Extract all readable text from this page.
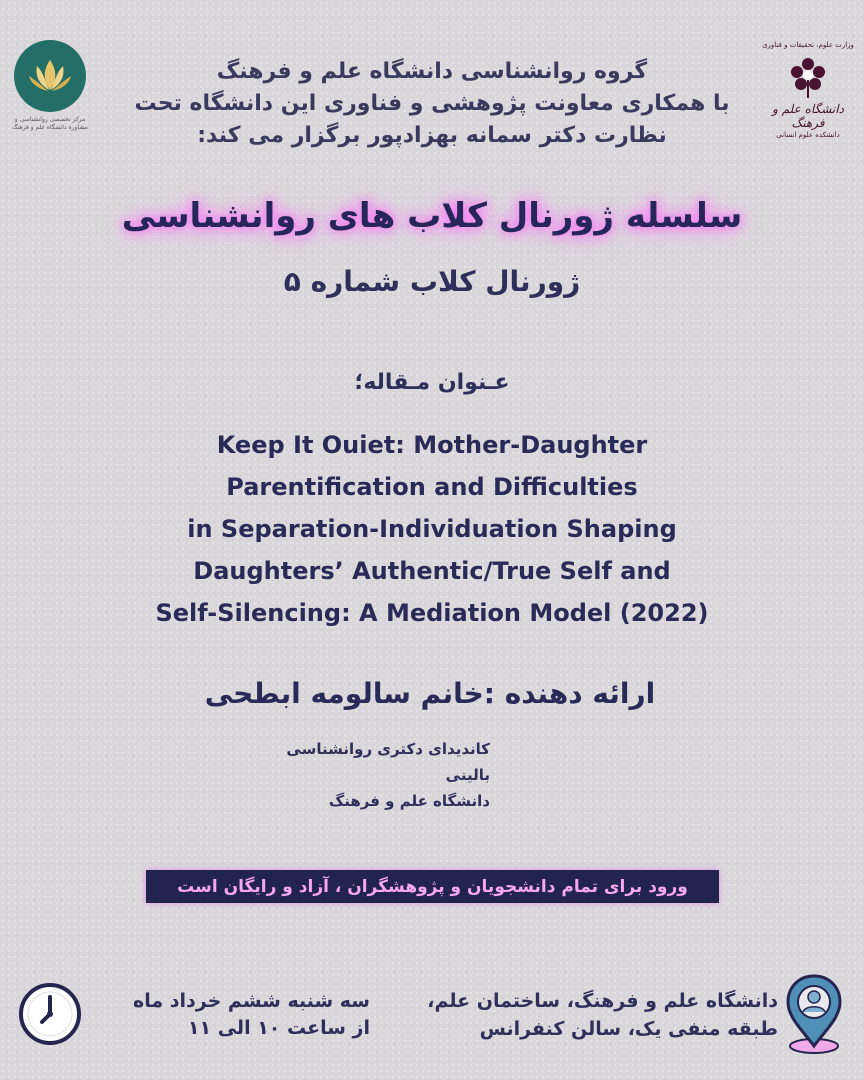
مرکز تخصصی روانشناسی و مشاوره دانشگاه علم و فرهنگ
وزارت علوم، تحقیقات و فناوری
دانشگاه علم و فرهنگ
دانشکده علوم انسانی
گروه روانشناسی دانشگاه علم و فرهنگ
با همکاری معاونت پژوهشی و فناوری این دانشگاه تحت
نظارت دکتر سمانه بهزادپور برگزار می کند:
سلسله ژورنال کلاب های روانشناسی
ژورنال کلاب شماره ۵
عـنوان مـقاله؛
Keep It Ouiet: Mother-Daughter
Parentification and Difficulties
in Separation-Individuation Shaping
Daughters’ Authentic/True Self and
Self-Silencing: A Mediation Model (2022)
ارائه دهنده :خانم سالومه ابطحی
کاندیدای دکتری روانشناسی بالینی
دانشگاه علم و فرهنگ
ورود برای تمام دانشجویان و پژوهشگران ، آزاد و رایگان است
سه شنبه ششم خرداد ماه
از ساعت ۱۰ الی ۱۱
دانشگاه علم و فرهنگ، ساختمان علم،
طبقه منفی یک، سالن کنفرانس
